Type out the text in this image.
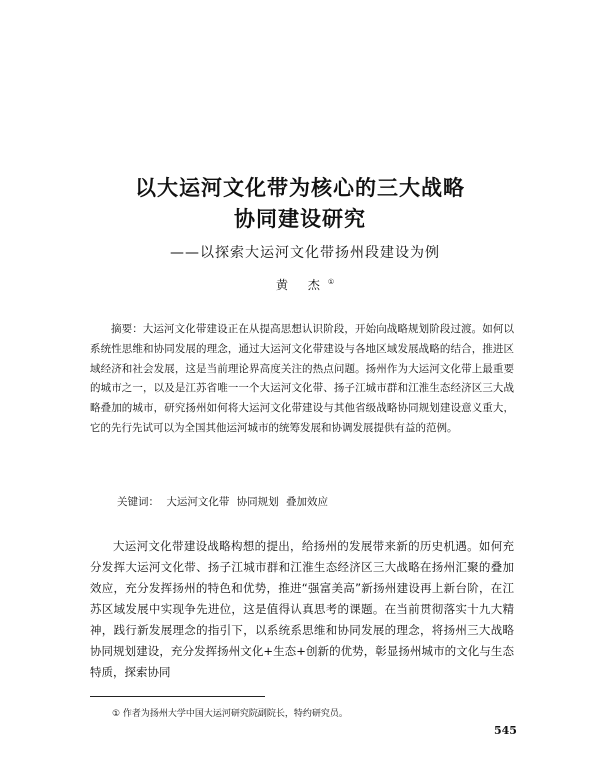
以大运河文化带为核心的三大战略
协同建设研究
——以探索大运河文化带扬州段建设为例
黄 杰①

摘要：大运河文化带建设正在从提高思想认识阶段，开始向战略规划阶段过渡。如何以系统性思维和协同发展的理念，通过大运河文化带建设与各地区域发展战略的结合，推进区域经济和社会发展，这是当前理论界高度关注的热点问题。扬州作为大运河文化带上最重要的城市之一，以及是江苏省唯一一个大运河文化带、扬子江城市群和江淮生态经济区三大战略叠加的城市，研究扬州如何将大运河文化带建设与其他省级战略协同规划建设意义重大，它的先行先试可以为全国其他运河城市的统筹发展和协调发展提供有益的范例。

关键词： 大运河文化带 协同规划 叠加效应

大运河文化带建设战略构想的提出，给扬州的发展带来新的历史机遇。如何充分发挥大运河文化带、扬子江城市群和江淮生态经济区三大战略在扬州汇聚的叠加效应，充分发挥扬州的特色和优势，推进“强富美高”新扬州建设再上新台阶，在江苏区域发展中实现争先进位，这是值得认真思考的课题。在当前贯彻落实十九大精神，践行新发展理念的指引下，以系统系思维和协同发展的理念，将扬州三大战略协同规划建设，充分发挥扬州文化+生态+创新的优势，彰显扬州城市的文化与生态特质，探索协同

① 作者为扬州大学中国大运河研究院副院长，特约研究员。
545
